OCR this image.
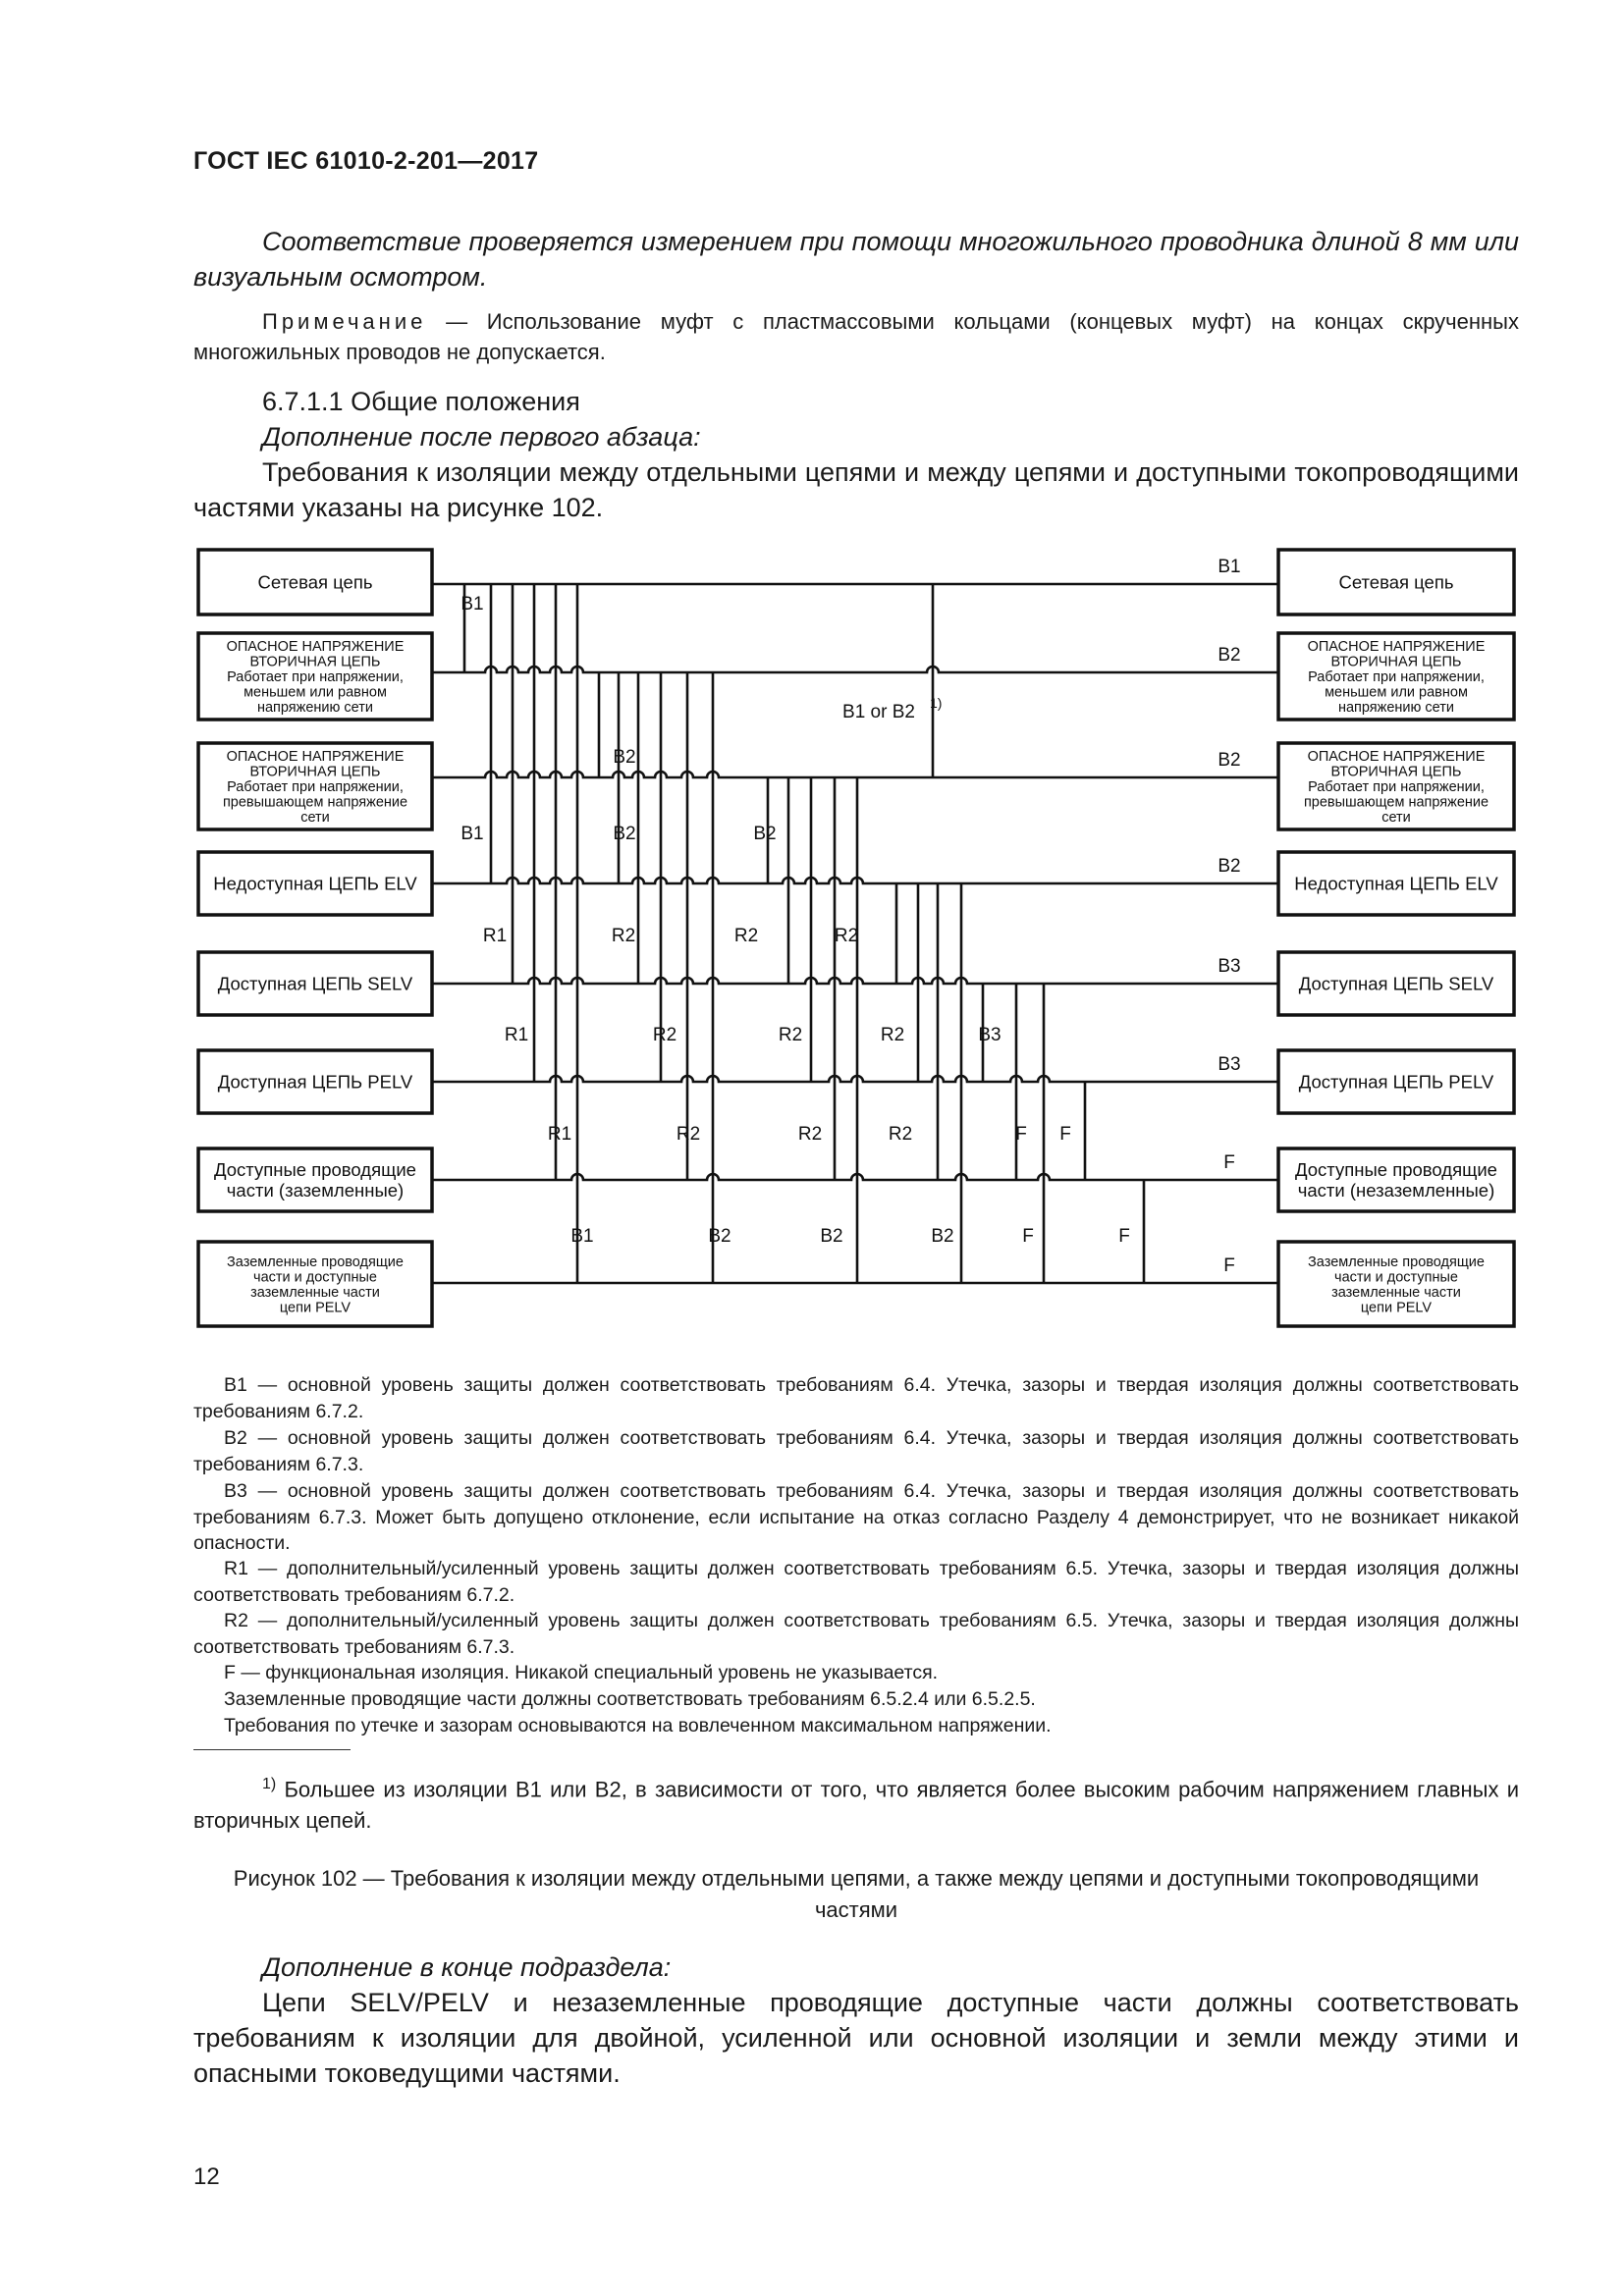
ГОСТ IEC 61010-2-201—2017
Соответствие проверяется измерением при помощи многожильного проводника длиной 8 мм или визуальным осмотром.
Примечание — Использование муфт с пластмассовыми кольцами (концевых муфт) на концах скрученных многожильных проводов не допускается.
6.7.1.1 Общие положения
Дополнение после первого абзаца:
Требования к изоляции между отдельными цепями и между цепями и доступными токопроводящими частями указаны на рисунке 102.
Сетевая цепь	Сетевая цепь
ОПАСНОЕ НАПРЯЖЕНИЕ
ВТОРИЧНАЯ ЦЕПЬ
Работает при напряжении,
меньшем или равном
напряжению сети
ОПАСНОЕ НАПРЯЖЕНИЕ
ВТОРИЧНАЯ ЦЕПЬ
Работает при напряжении,
меньшем или равном
напряжению сети
ОПАСНОЕ НАПРЯЖЕНИЕ
ВТОРИЧНАЯ ЦЕПЬ
Работает при напряжении,
превышающем напряжение
сети
ОПАСНОЕ НАПРЯЖЕНИЕ
ВТОРИЧНАЯ ЦЕПЬ
Работает при напряжении,
превышающем напряжение
сети
Недоступная ЦЕПЬ ELV	Недоступная ЦЕПЬ ELV
Доступная ЦЕПЬ SELV	Доступная ЦЕПЬ SELV
Доступная ЦЕПЬ PELV	Доступная ЦЕПЬ PELV
Доступные проводящие
части (заземленные)
Доступные проводящие
части (незаземленные)
Заземленные проводящие
части и доступные
заземленные части
цепи PELV
Заземленные проводящие
части и доступные
заземленные части
цепи PELV
B1
B2
B2
B2
B3
B3
F
F
B1 or B2 1)
B1
B2
B1	B2	B2
R1	R2	R2	R2
R1	R2	R2	R2	B3
R1	R2	R2	R2	F F
B1	B2	B2	B2	F	F
B1 — основной уровень защиты должен соответствовать требованиям 6.4. Утечка, зазоры и твердая изоляция должны соответствовать требованиям 6.7.2.
B2 — основной уровень защиты должен соответствовать требованиям 6.4. Утечка, зазоры и твердая изоляция должны соответствовать требованиям 6.7.3.
B3 — основной уровень защиты должен соответствовать требованиям 6.4. Утечка, зазоры и твердая изоляция должны соответствовать требованиям 6.7.3. Может быть допущено отклонение, если испытание на отказ согласно Разделу 4 демонстрирует, что не возникает никакой опасности.
R1 — дополнительный/усиленный уровень защиты должен соответствовать требованиям 6.5. Утечка, зазоры и твердая изоляция должны соответствовать требованиям 6.7.2.
R2 — дополнительный/усиленный уровень защиты должен соответствовать требованиям 6.5. Утечка, зазоры и твердая изоляция должны соответствовать требованиям 6.7.3.
F — функциональная изоляция. Никакой специальный уровень не указывается.
Заземленные проводящие части должны соответствовать требованиям 6.5.2.4 или 6.5.2.5.
Требования по утечке и зазорам основываются на вовлеченном максимальном напряжении.
$^{1)}$ Большее из изоляции B1 или B2, в зависимости от того, что является более высоким рабочим напряжением главных и вторичных цепей.
Рисунок 102 — Требования к изоляции между отдельными цепями, а также между цепями и доступными токопроводящими частями
Дополнение в конце подраздела:
Цепи SELV/PELV и незаземленные проводящие доступные части должны соответствовать требованиям к изоляции для двойной, усиленной или основной изоляции и земли между этими и опасными токоведущими частями.
12
